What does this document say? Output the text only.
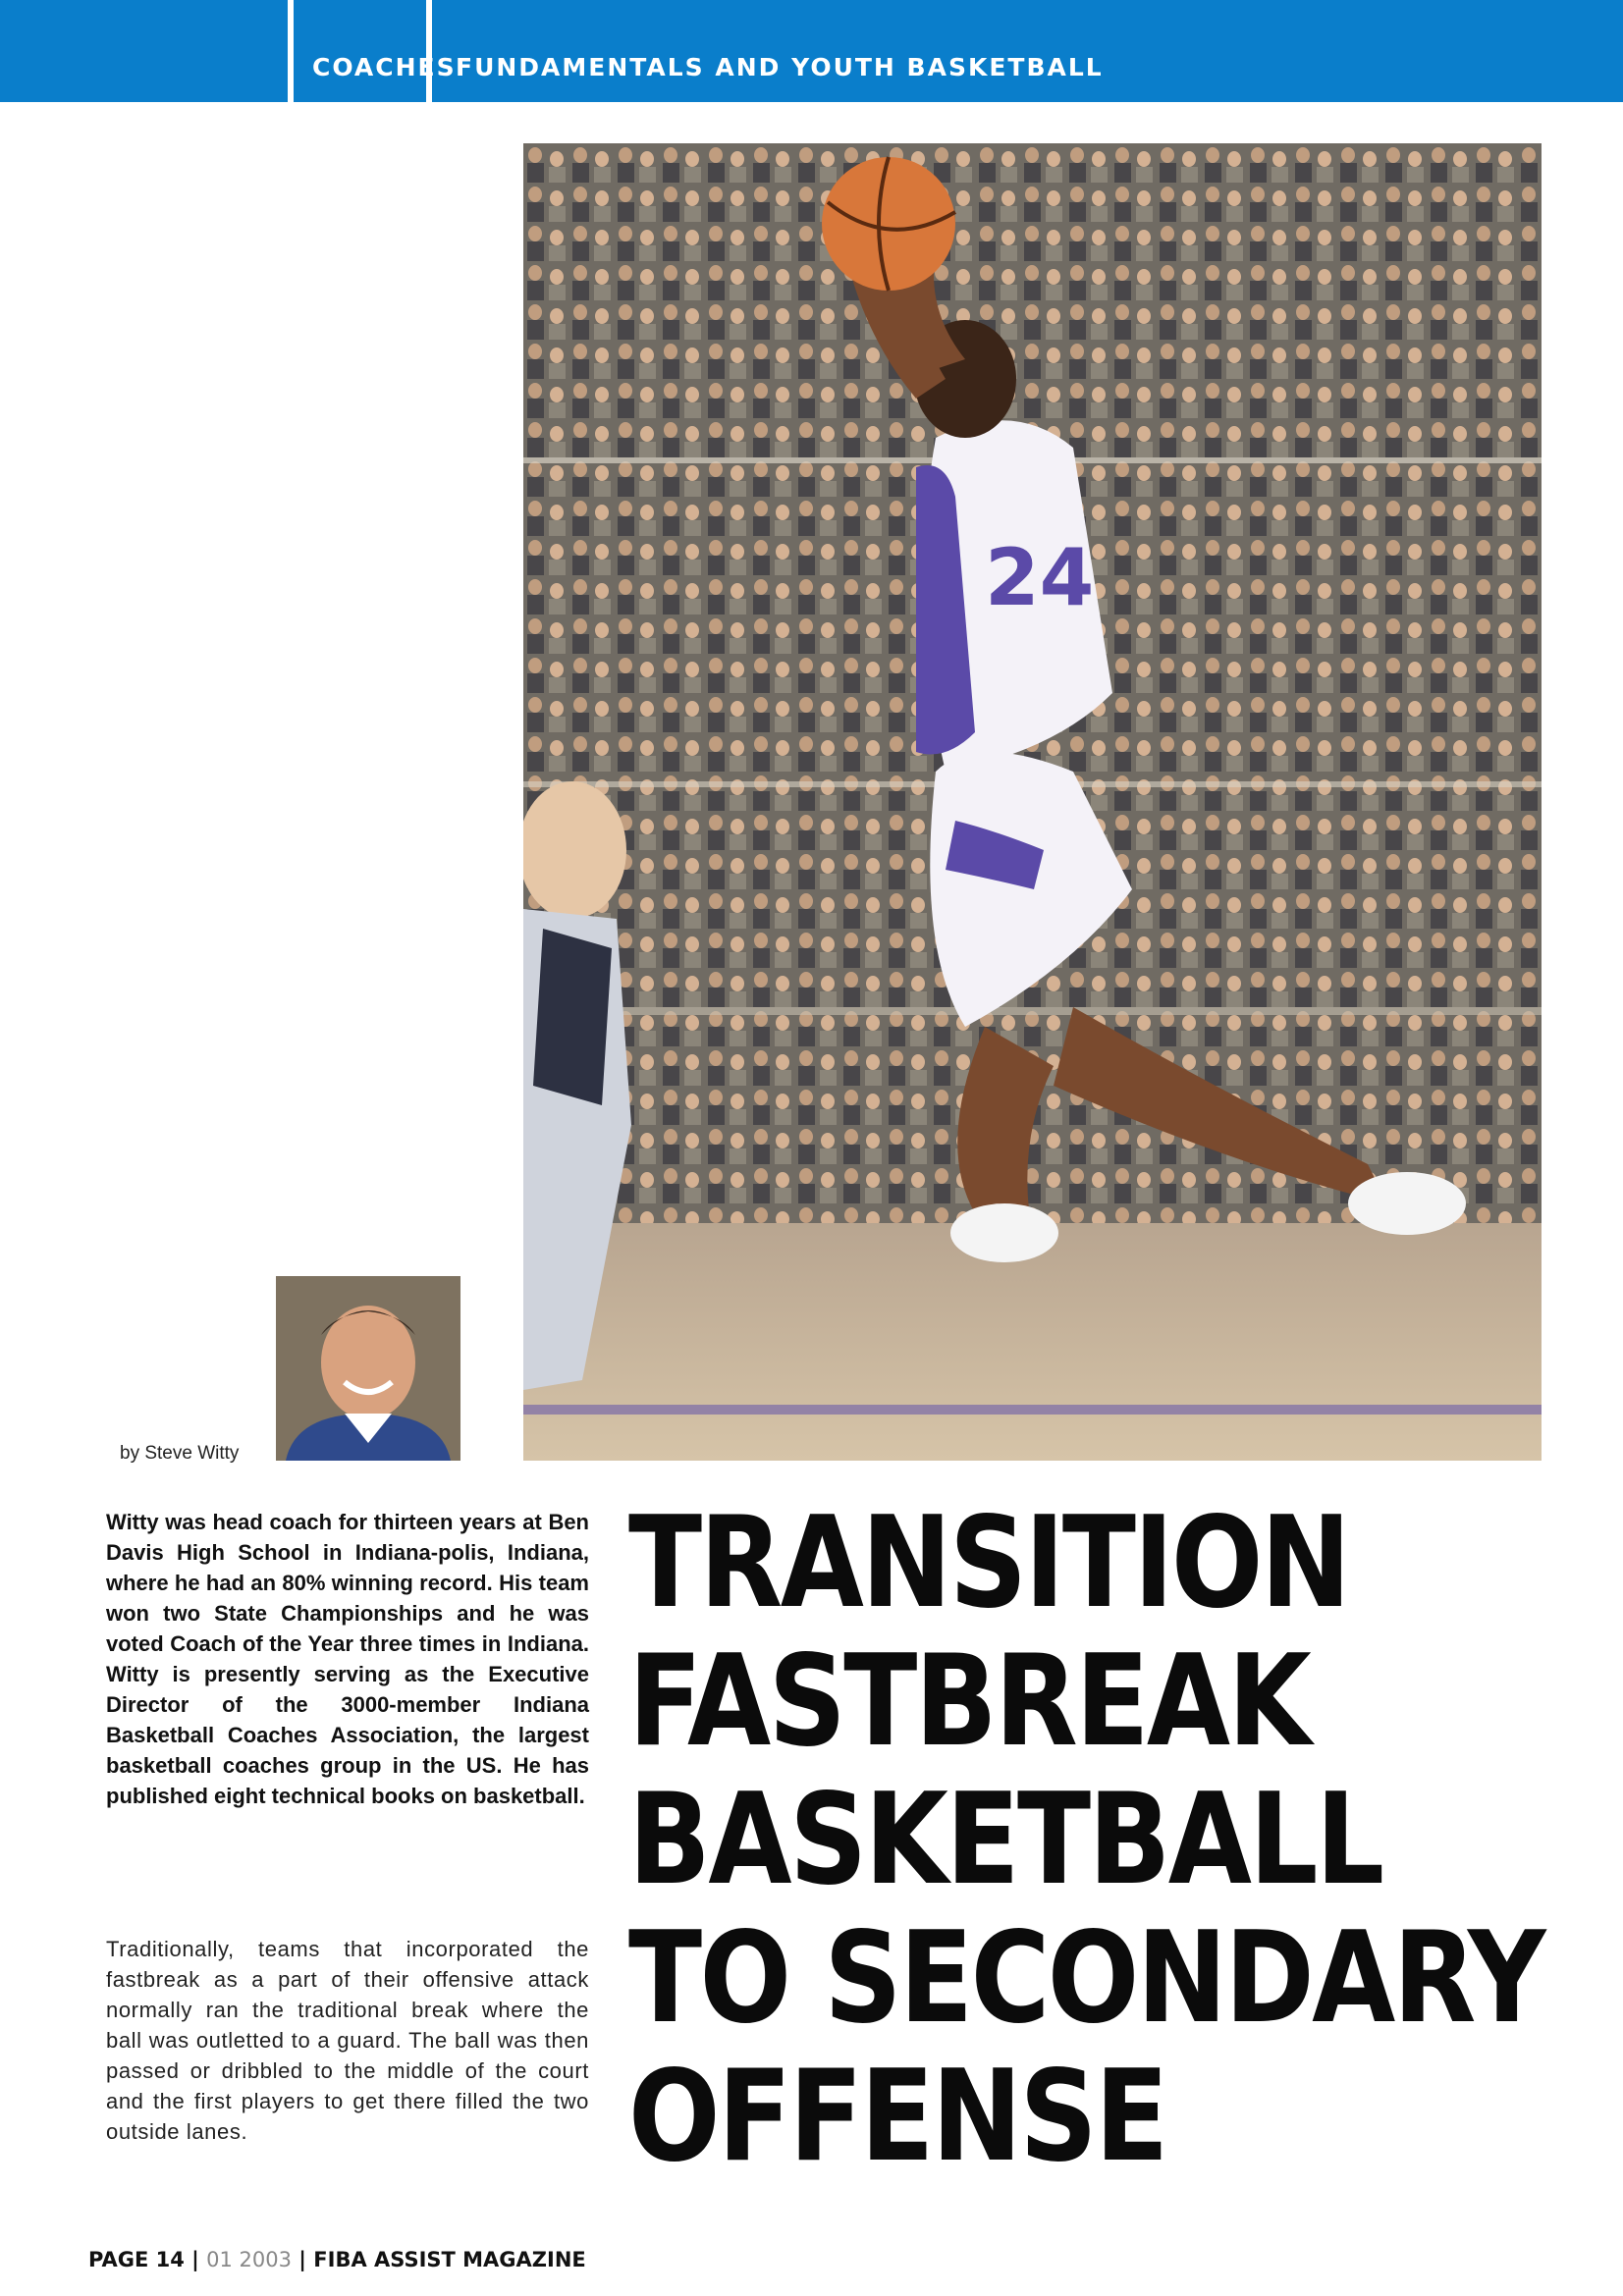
COACHES FUNDAMENTALS AND YOUTH BASKETBALL
24
by Steve Witty

Witty was head coach for thirteen years at Ben Davis High School in Indiana-polis, Indiana, where he had an 80% winning record. His team won two State Championships and he was voted Coach of the Year three times in Indiana. Witty is presently serving as the Executive Director of the 3000-member Indiana Basketball Coaches Association, the largest basketball coaches group in the US. He has published eight technical books on basketball.

Traditionally, teams that incorporated the fastbreak as a part of their offensive attack normally ran the traditional break where the ball was outletted to a guard. The ball was then passed or dribbled to the middle of the court and the first players to get there filled the two outside lanes.

TRANSITION
FASTBREAK
BASKETBALL
TO SECONDARY
OFFENSE
PAGE 14 | 01 2003 | FIBA ASSIST MAGAZINE
